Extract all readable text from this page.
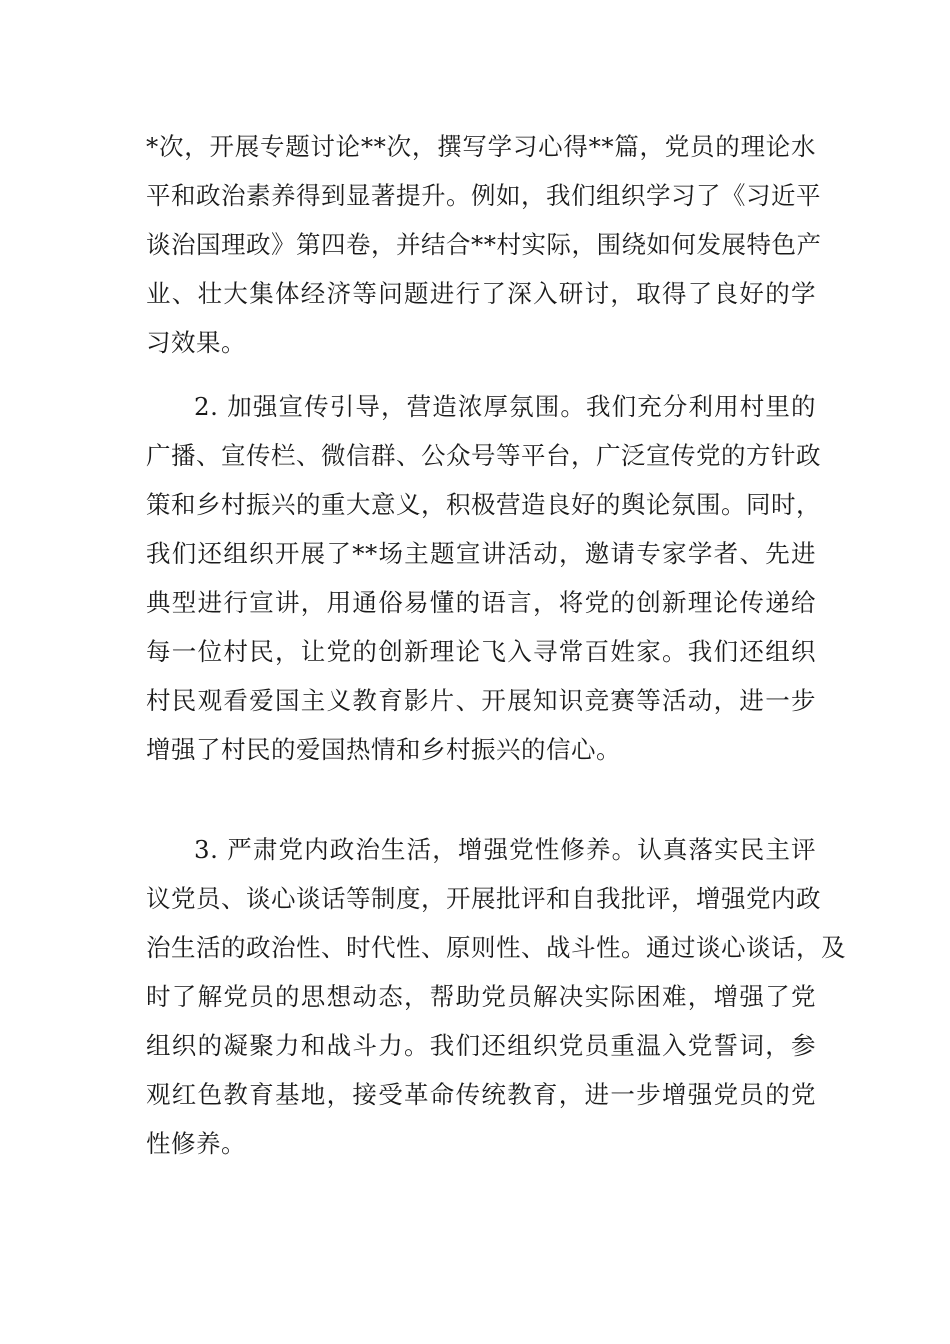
*次，开展专题讨论**次，撰写学习心得**篇，党员的理论水
平和政治素养得到显著提升。例如，我们组织学习了《习近平
谈治国理政》第四卷，并结合**村实际，围绕如何发展特色产
业、壮大集体经济等问题进行了深入研讨，取得了良好的学
习效果。
2. 加强宣传引导，营造浓厚氛围。我们充分利用村里的
广播、宣传栏、微信群、公众号等平台，广泛宣传党的方针政
策和乡村振兴的重大意义，积极营造良好的舆论氛围。同时，
我们还组织开展了**场主题宣讲活动，邀请专家学者、先进
典型进行宣讲，用通俗易懂的语言，将党的创新理论传递给
每一位村民，让党的创新理论飞入寻常百姓家。我们还组织
村民观看爱国主义教育影片、开展知识竞赛等活动，进一步
增强了村民的爱国热情和乡村振兴的信心。
3. 严肃党内政治生活，增强党性修养。认真落实民主评
议党员、谈心谈话等制度，开展批评和自我批评，增强党内政
治生活的政治性、时代性、原则性、战斗性。通过谈心谈话，及
时了解党员的思想动态，帮助党员解决实际困难，增强了党
组织的凝聚力和战斗力。我们还组织党员重温入党誓词，参
观红色教育基地，接受革命传统教育，进一步增强党员的党
性修养。
